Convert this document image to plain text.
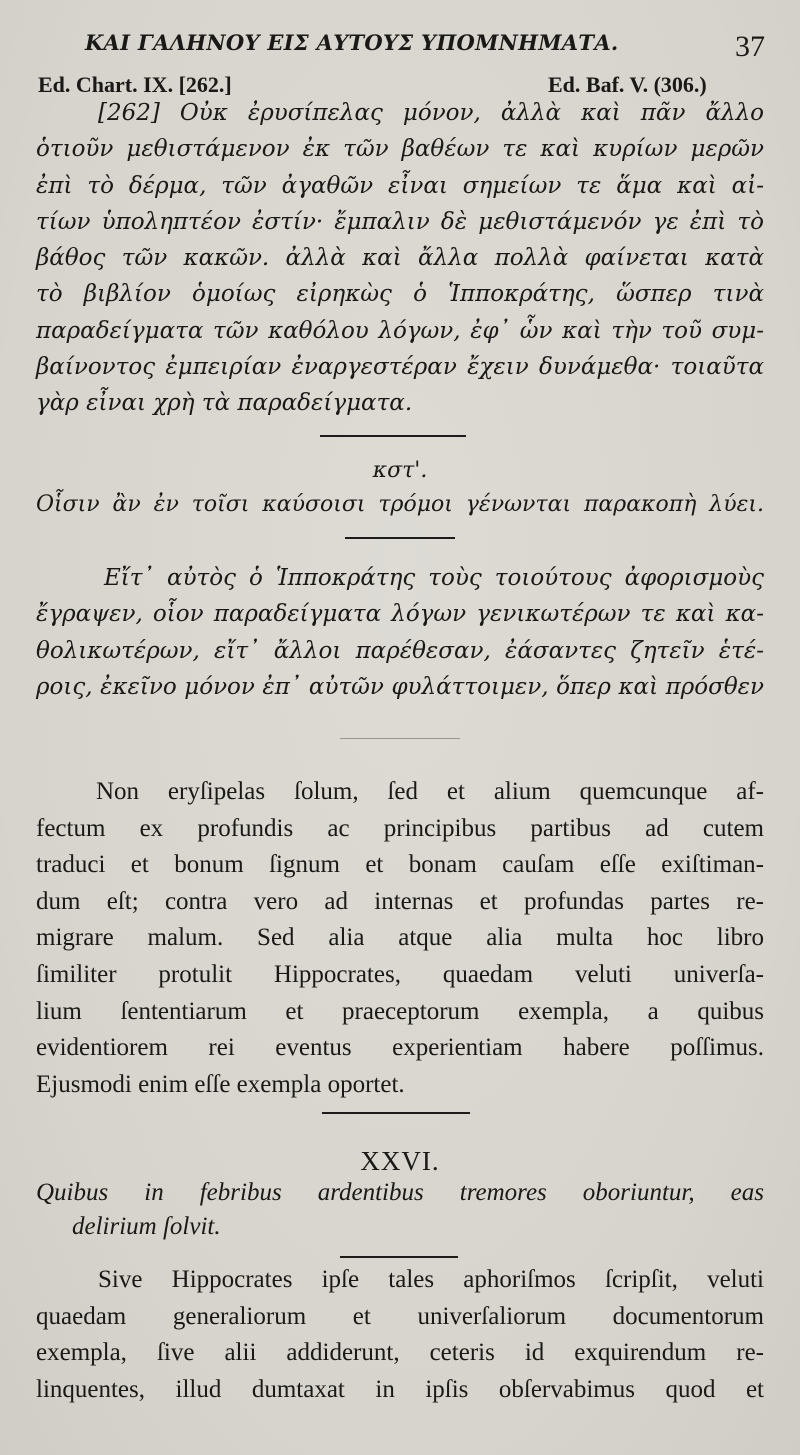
ΚΑΙ ΓΑΛΗΝΟΥ ΕΙΣ ΑΥΤΟΥΣ ΥΠΟΜΝΗΜΑΤΑ.	37
Ed. Chart. IX. [262.]	Ed. Baf. V. (306.)
[262] Οὐκ ἐρυσίπελας μόνον, ἀλλὰ καὶ πᾶν ἄλλο
ὁτιοῦν μεθιστάμενον ἐκ τῶν βαθέων τε καὶ κυρίων μερῶν
ἐπὶ τὸ δέρμα, τῶν ἀγαθῶν εἶναι σημείων τε ἅμα καὶ αἰ-
τίων ὑποληπτέον ἐστίν· ἔμπαλιν δὲ μεθιστάμενόν γε ἐπὶ τὸ
βάθος τῶν κακῶν. ἀλλὰ καὶ ἄλλα πολλὰ φαίνεται κατὰ
τὸ βιβλίον ὁμοίως εἰρηκὼς ὁ Ἱπποκράτης, ὥσπερ τινὰ
παραδείγματα τῶν καθόλου λόγων, ἐφ᾽ ὧν καὶ τὴν τοῦ συμ-
βαίνοντος ἐμπειρίαν ἐναργεστέραν ἔχειν δυνάμεθα· τοιαῦτα
γὰρ εἶναι χρὴ τὰ παραδείγματα.
κστ'.
Οἷσιν ἂν ἐν τοῖσι καύσοισι τρόμοι γένωνται παρακοπὴ λύει.
Εἴτ᾽ αὐτὸς ὁ Ἱπποκράτης τοὺς τοιούτους ἀφορισμοὺς
ἔγραψεν, οἷον παραδείγματα λόγων γενικωτέρων τε καὶ κα-
θολικωτέρων, εἴτ᾽ ἄλλοι παρέθεσαν, ἐάσαντες ζητεῖν ἑτέ-
ροις, ἐκεῖνο μόνον ἐπ᾽ αὐτῶν φυλάττοιμεν, ὅπερ καὶ πρόσθεν
Non eryſipelas ſolum, ſed et alium quemcunque af-
fectum ex profundis ac principibus partibus ad cutem
traduci et bonum ſignum et bonam cauſam eſſe exiſtiman-
dum eſt; contra vero ad internas et profundas partes re-
migrare malum. Sed alia atque alia multa hoc libro
ſimiliter protulit Hippocrates, quaedam veluti univerſa-
lium ſententiarum et praeceptorum exempla, a quibus
evidentiorem rei eventus experientiam habere poſſimus.
Ejusmodi enim eſſe exempla oportet.
XXVI.
Quibus in febribus ardentibus tremores oboriuntur, eas
delirium ſolvit.
Sive Hippocrates ipſe tales aphoriſmos ſcripſit, veluti
quaedam generaliorum et univerſaliorum documentorum
exempla, ſive alii addiderunt, ceteris id exquirendum re-
linquentes, illud dumtaxat in ipſis obſervabimus quod et
